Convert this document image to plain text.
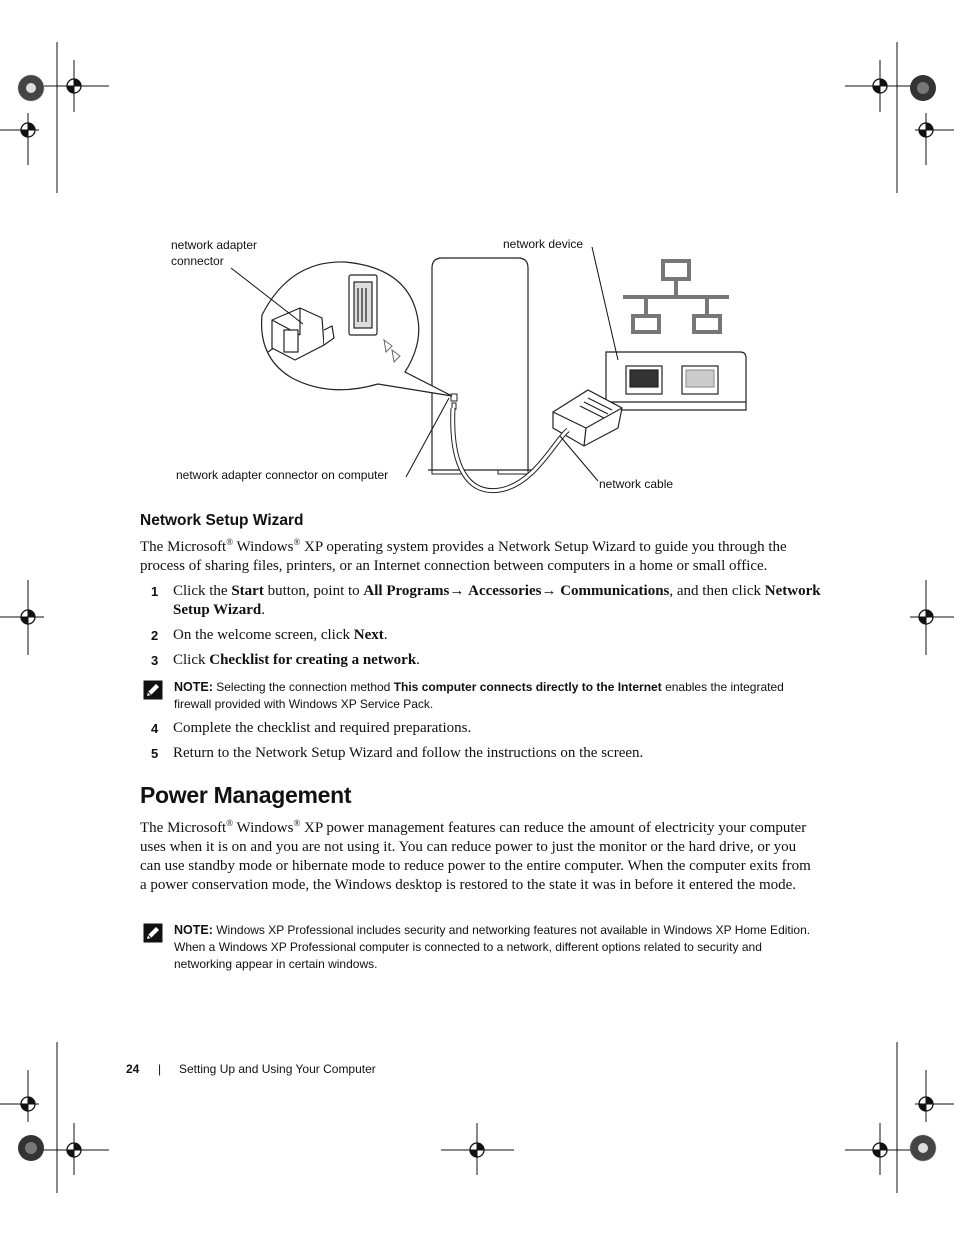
network adapter
connector
network device
network adapter connector on computer
network cable
Network Setup Wizard
The Microsoft® Windows® XP operating system provides a Network Setup Wizard to guide you through the process of sharing files, printers, or an Internet connection between computers in a home or small office.
1 Click the Start button, point to All Programs→ Accessories→ Communications, and then click Network Setup Wizard.
2 On the welcome screen, click Next.
3 Click Checklist for creating a network.
NOTE: Selecting the connection method This computer connects directly to the Internet enables the integrated firewall provided with Windows XP Service Pack.
4 Complete the checklist and required preparations.
5 Return to the Network Setup Wizard and follow the instructions on the screen.
Power Management
The Microsoft® Windows® XP power management features can reduce the amount of electricity your computer uses when it is on and you are not using it. You can reduce power to just the monitor or the hard drive, or you can use standby mode or hibernate mode to reduce power to the entire computer. When the computer exits from a power conservation mode, the Windows desktop is restored to the state it was in before it entered the mode.
NOTE: Windows XP Professional includes security and networking features not available in Windows XP Home Edition. When a Windows XP Professional computer is connected to a network, different options related to security and networking appear in certain windows.
24 | Setting Up and Using Your Computer
